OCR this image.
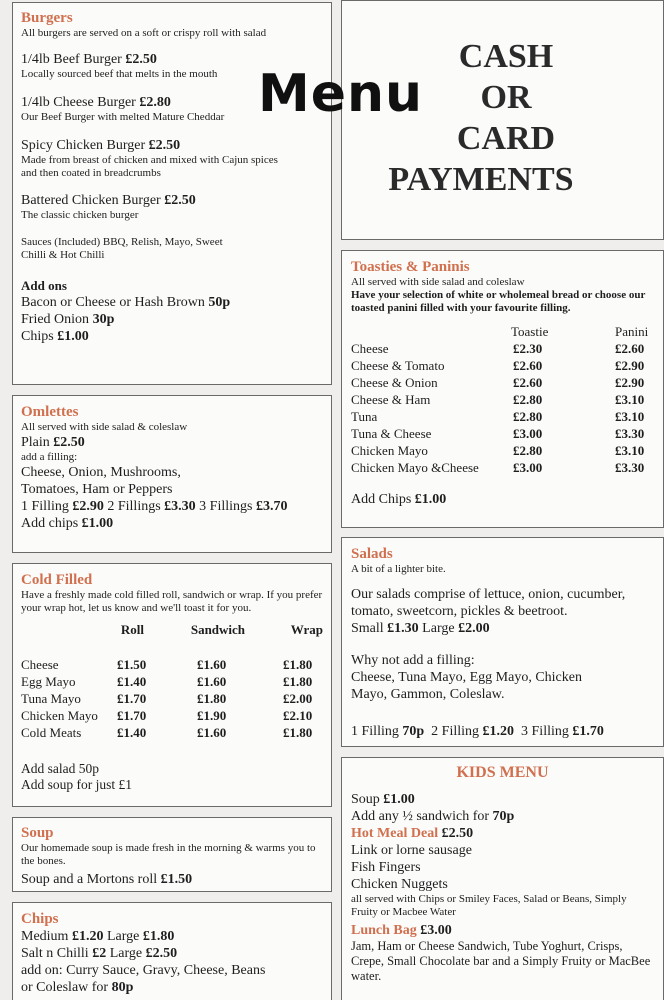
Burgers

All burgers are served on a soft or crispy roll with salad

1/4lb Beef Burger £2.50

Locally sourced beef that melts in the mouth

1/4lb Cheese Burger £2.80

Our Beef Burger with melted Mature Cheddar

Spicy Chicken Burger £2.50

Made from breast of chicken and mixed with Cajun spices and then coated in breadcrumbs

Battered Chicken Burger £2.50

The classic chicken burger

Sauces (Included) BBQ, Relish, Mayo, Sweet Chilli & Hot Chilli

Add ons

Bacon or Cheese or Hash Brown 50p

Fried Onion 30p

Chips £1.00

CASH
OR
CARD
PAYMENTS

Omlettes

All served with side salad & coleslaw

Plain £2.50

add a filling:

Cheese, Onion, Mushrooms, Tomatoes, Ham or Peppers

1 Filling £2.90 2 Fillings £3.30 3 Fillings £3.70

Add chips £1.00

Cold Filled

Have a freshly made cold filled roll, sandwich or wrap. If you prefer your wrap hot, let us know and we'll toast it for you.

Roll	Sandwich	Wrap
Cheese	£1.50	£1.60	£1.80
Egg Mayo	£1.40	£1.60	£1.80
Tuna Mayo	£1.70	£1.80	£2.00
Chicken Mayo	£1.70	£1.90	£2.10
Cold Meats	£1.40	£1.60	£1.80

Add salad 50p

Add soup for just £1

Soup

Our homemade soup is made fresh in the morning & warms you to the bones.

Soup and a Mortons roll £1.50

Chips

Medium £1.20 Large £1.80

Salt n Chilli £2 Large £2.50

add on: Curry Sauce, Gravy, Cheese, Beans

or Coleslaw for 80p

Toasties & Paninis

All served with side salad and coleslaw

Have your selection of white or wholemeal bread or choose our toasted panini filled with your favourite filling.

Toastie	Panini
Cheese	£2.30	£2.60
Cheese & Tomato	£2.60	£2.90
Cheese & Onion	£2.60	£2.90
Cheese & Ham	£2.80	£3.10
Tuna	£2.80	£3.10
Tuna & Cheese	£3.00	£3.30
Chicken Mayo	£2.80	£3.10
Chicken Mayo &Cheese	£3.00	£3.30

Add Chips £1.00

Salads

A bit of a lighter bite.

Our salads comprise of lettuce, onion, cucumber, tomato, sweetcorn, pickles & beetroot.

Small £1.30 Large £2.00

Why not add a filling:

Cheese, Tuna Mayo, Egg Mayo, Chicken Mayo, Gammon, Coleslaw.

1 Filling 70p 2 Filling £1.20 3 Filling £1.70

KIDS MENU

Soup £1.00

Add any ½ sandwich for 70p

Hot Meal Deal £2.50

Link or lorne sausage

Fish Fingers

Chicken Nuggets

all served with Chips or Smiley Faces, Salad or Beans, Simply Fruity or Macbee Water

Lunch Bag £3.00

Jam, Ham or Cheese Sandwich, Tube Yoghurt, Crisps, Crepe, Small Chocolate bar and a Simply Fruity or MacBee water.

Menu
